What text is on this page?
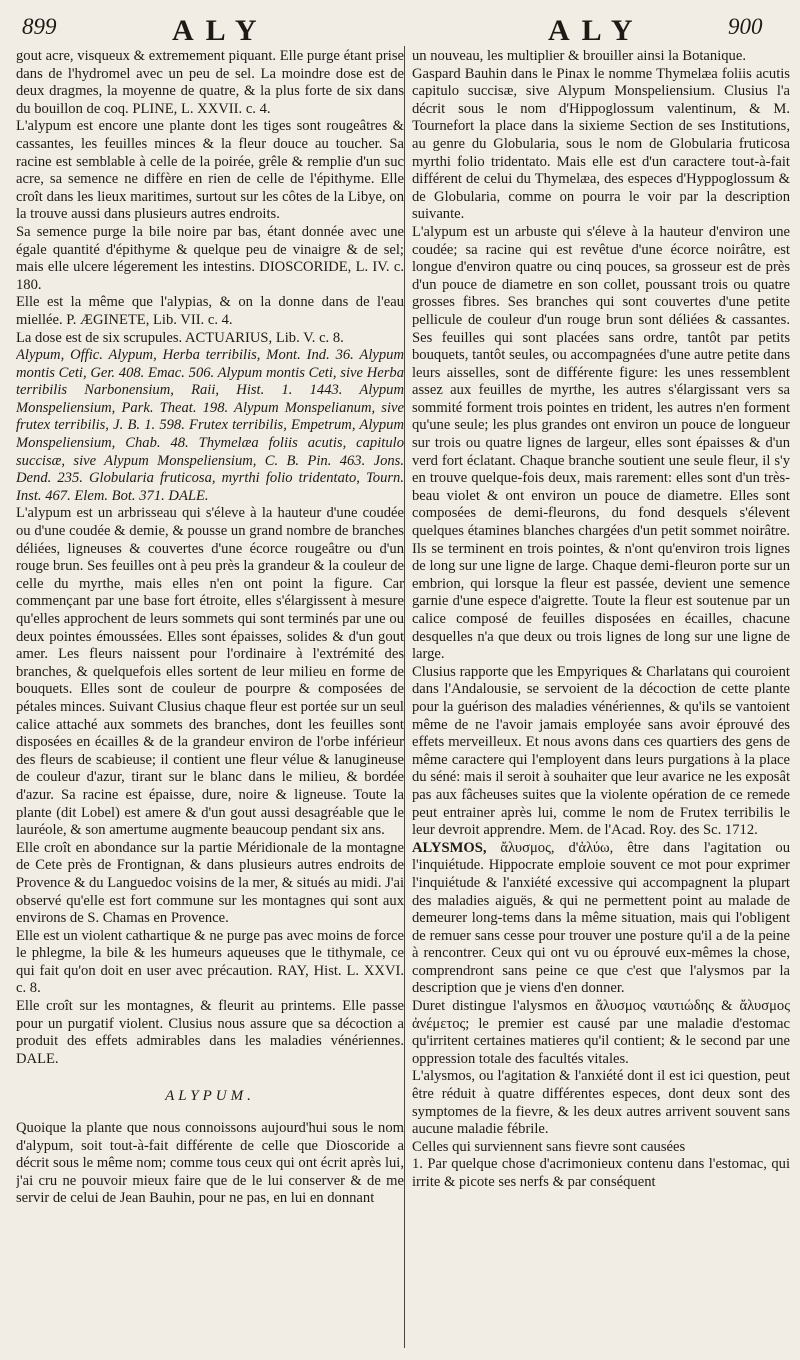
899	ALY	ALY	900

gout acre, visqueux & extremement piquant. Elle purge étant prise dans de l'hydromel avec un peu de sel. La moindre dose est de deux dragmes, la moyenne de quatre, & la plus forte de six dans du bouillon de coq. PLINE, L. XXVII. c. 4.

L'alypum est encore une plante dont les tiges sont rougeâtres & cassantes, les feuilles minces & la fleur douce au toucher. Sa racine est semblable à celle de la poirée, grêle & remplie d'un suc acre, sa semence ne diffère en rien de celle de l'épithyme. Elle croît dans les lieux maritimes, surtout sur les côtes de la Libye, on la trouve aussi dans plusieurs autres endroits.

Sa semence purge la bile noire par bas, étant donnée avec une égale quantité d'épithyme & quelque peu de vinaigre & de sel; mais elle ulcere légerement les intestins. DIOSCORIDE, L. IV. c. 180.

Elle est la même que l'alypias, & on la donne dans de l'eau miellée. P. ÆGINETE, Lib. VII. c. 4.

La dose est de six scrupules. ACTUARIUS, Lib. V. c. 8.

Alypum, Offic. Alypum, Herba terribilis, Mont. Ind. 36. Alypum montis Ceti, Ger. 408. Emac. 506. Alypum montis Ceti, sive Herba terribilis Narbonensium, Raii, Hist. 1. 1443. Alypum Monspeliensium, Park. Theat. 198. Alypum Monspelianum, sive frutex terribilis, J. B. 1. 598. Frutex terribilis, Empetrum, Alypum Monspeliensium, Chab. 48. Thymelæa foliis acutis, capitulo succisæ, sive Alypum Monspeliensium, C. B. Pin. 463. Jons. Dend. 235. Globularia fruticosa, myrthi folio tridentato, Tourn. Inst. 467. Elem. Bot. 371. DALE.

L'alypum est un arbrisseau qui s'éleve à la hauteur d'une coudée ou d'une coudée & demie, & pousse un grand nombre de branches déliées, ligneuses & couvertes d'une écorce rougeâtre ou d'un rouge brun. Ses feuilles ont à peu près la grandeur & la couleur de celle du myrthe, mais elles n'en ont point la figure. Car commençant par une base fort étroite, elles s'élargissent à mesure qu'elles approchent de leurs sommets qui sont terminés par une ou deux pointes émoussées. Elles sont épaisses, solides & d'un gout amer. Les fleurs naissent pour l'ordinaire à l'extrémité des branches, & quelquefois elles sortent de leur milieu en forme de bouquets. Elles sont de couleur de pourpre & composées de pétales minces. Suivant Clusius chaque fleur est portée sur un seul calice attaché aux sommets des branches, dont les feuilles sont disposées en écailles & de la grandeur environ de l'orbe inférieur des fleurs de scabieuse; il contient une fleur vélue & lanugineuse de couleur d'azur, tirant sur le blanc dans le milieu, & bordée d'azur. Sa racine est épaisse, dure, noire & ligneuse. Toute la plante (dit Lobel) est amere & d'un gout aussi desagréable que le lauréole, & son amertume augmente beaucoup pendant six ans.

Elle croît en abondance sur la partie Méridionale de la montagne de Cete près de Frontignan, & dans plusieurs autres endroits de Provence & du Languedoc voisins de la mer, & situés au midi. J'ai observé qu'elle est fort commune sur les montagnes qui sont aux environs de S. Chamas en Provence.

Elle est un violent cathartique & ne purge pas avec moins de force le phlegme, la bile & les humeurs aqueuses que le tithymale, ce qui fait qu'on doit en user avec précaution. RAY, Hist. L. XXVI. c. 8.

Elle croît sur les montagnes, & fleurit au printems. Elle passe pour un purgatif violent. Clusius nous assure que sa décoction a produit des effets admirables dans les maladies vénériennes. DALE.

ALYPUM.

Quoique la plante que nous connoissons aujourd'hui sous le nom d'alypum, soit tout-à-fait différente de celle que Dioscoride a décrit sous le même nom; comme tous ceux qui ont écrit après lui, j'ai cru ne pouvoir mieux faire que de le lui conserver & de me servir de celui de Jean Bauhin, pour ne pas, en lui en donnant

un nouveau, les multiplier & brouiller ainsi la Botanique.

Gaspard Bauhin dans le Pinax le nomme Thymelæa foliis acutis capitulo succisæ, sive Alypum Monspeliensium. Clusius l'a décrit sous le nom d'Hippoglossum valentinum, & M. Tournefort la place dans la sixieme Section de ses Institutions, au genre du Globularia, sous le nom de Globularia fruticosa myrthi folio tridentato. Mais elle est d'un caractere tout-à-fait différent de celui du Thymelæa, des especes d'Hyppoglossum & de Globularia, comme on pourra le voir par la description suivante.

L'alypum est un arbuste qui s'éleve à la hauteur d'environ une coudée; sa racine qui est revêtue d'une écorce noirâtre, est longue d'environ quatre ou cinq pouces, sa grosseur est de près d'un pouce de diametre en son collet, poussant trois ou quatre grosses fibres. Ses branches qui sont couvertes d'une petite pellicule de couleur d'un rouge brun sont déliées & cassantes. Ses feuilles qui sont placées sans ordre, tantôt par petits bouquets, tantôt seules, ou accompagnées d'une autre petite dans leurs aisselles, sont de différente figure: les unes ressemblent assez aux feuilles de myrthe, les autres s'élargissant vers sa sommité forment trois pointes en trident, les autres n'en forment qu'une seule; les plus grandes ont environ un pouce de longueur sur trois ou quatre lignes de largeur, elles sont épaisses & d'un verd fort éclatant. Chaque branche soutient une seule fleur, il s'y en trouve quelque-fois deux, mais rarement: elles sont d'un très-beau violet & ont environ un pouce de diametre. Elles sont composées de demi-fleurons, du fond desquels s'élevent quelques étamines blanches chargées d'un petit sommet noirâtre. Ils se terminent en trois pointes, & n'ont qu'environ trois lignes de long sur une ligne de large. Chaque demi-fleuron porte sur un embrion, qui lorsque la fleur est passée, devient une semence garnie d'une espece d'aigrette. Toute la fleur est soutenue par un calice composé de feuilles disposées en écailles, chacune desquelles n'a que deux ou trois lignes de long sur une ligne de large.

Clusius rapporte que les Empyriques & Charlatans qui couroient dans l'Andalousie, se servoient de la décoction de cette plante pour la guérison des maladies vénériennes, & qu'ils se vantoient même de ne l'avoir jamais employée sans avoir éprouvé des effets merveilleux. Et nous avons dans ces quartiers des gens de même caractere qui l'employent dans leurs purgations à la place du séné: mais il seroit à souhaiter que leur avarice ne les exposât pas aux fâcheuses suites que la violente opération de ce remede peut entrainer après lui, comme le nom de Frutex terribilis le leur devroit apprendre. Mem. de l'Acad. Roy. des Sc. 1712.

ALYSMOS, ἄλυσμος, d'ἀλύω, être dans l'agitation ou l'inquiétude. Hippocrate emploie souvent ce mot pour exprimer l'inquiétude & l'anxiété excessive qui accompagnent la plupart des maladies aiguës, & qui ne permettent point au malade de demeurer long-tems dans la même situation, mais qui l'obligent de remuer sans cesse pour trouver une posture qu'il a de la peine à rencontrer. Ceux qui ont vu ou éprouvé eux-mêmes la chose, comprendront sans peine ce que c'est que l'alysmos par la description que je viens d'en donner.

Duret distingue l'alysmos en ἄλυσμος ναυτιώδης & ἄλυσμος ἀνέμετος; le premier est causé par une maladie d'estomac qu'irritent certaines matieres qu'il contient; & le second par une oppression totale des facultés vitales.

L'alysmos, ou l'agitation & l'anxiété dont il est ici question, peut être réduit à quatre différentes especes, dont deux sont des symptomes de la fievre, & les deux autres arrivent souvent sans aucune maladie fébrile.

Celles qui surviennent sans fievre sont causées

1. Par quelque chose d'acrimonieux contenu dans l'estomac, qui irrite & picote ses nerfs & par conséquent
